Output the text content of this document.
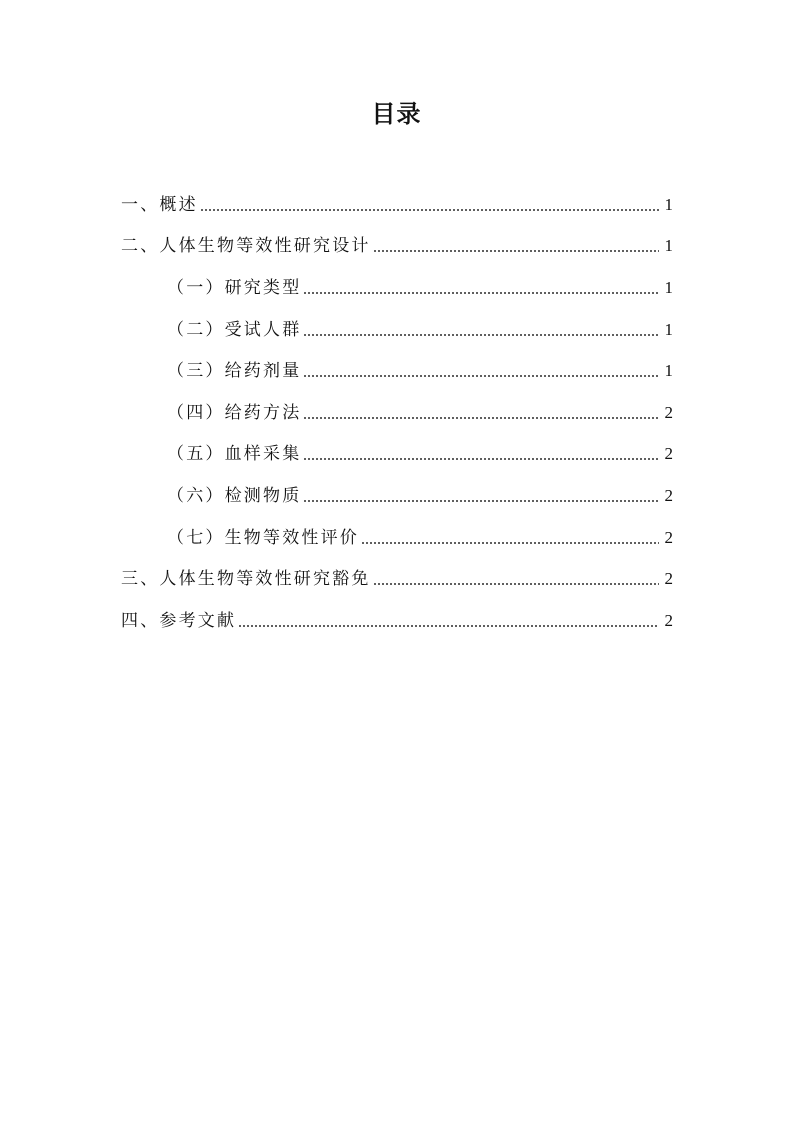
目录
一、概述	1
二、人体生物等效性研究设计	1
（一）研究类型	1
（二）受试人群	1
（三）给药剂量	1
（四）给药方法	2
（五）血样采集	2
（六）检测物质	2
（七）生物等效性评价	2
三、人体生物等效性研究豁免	2
四、参考文献	2
